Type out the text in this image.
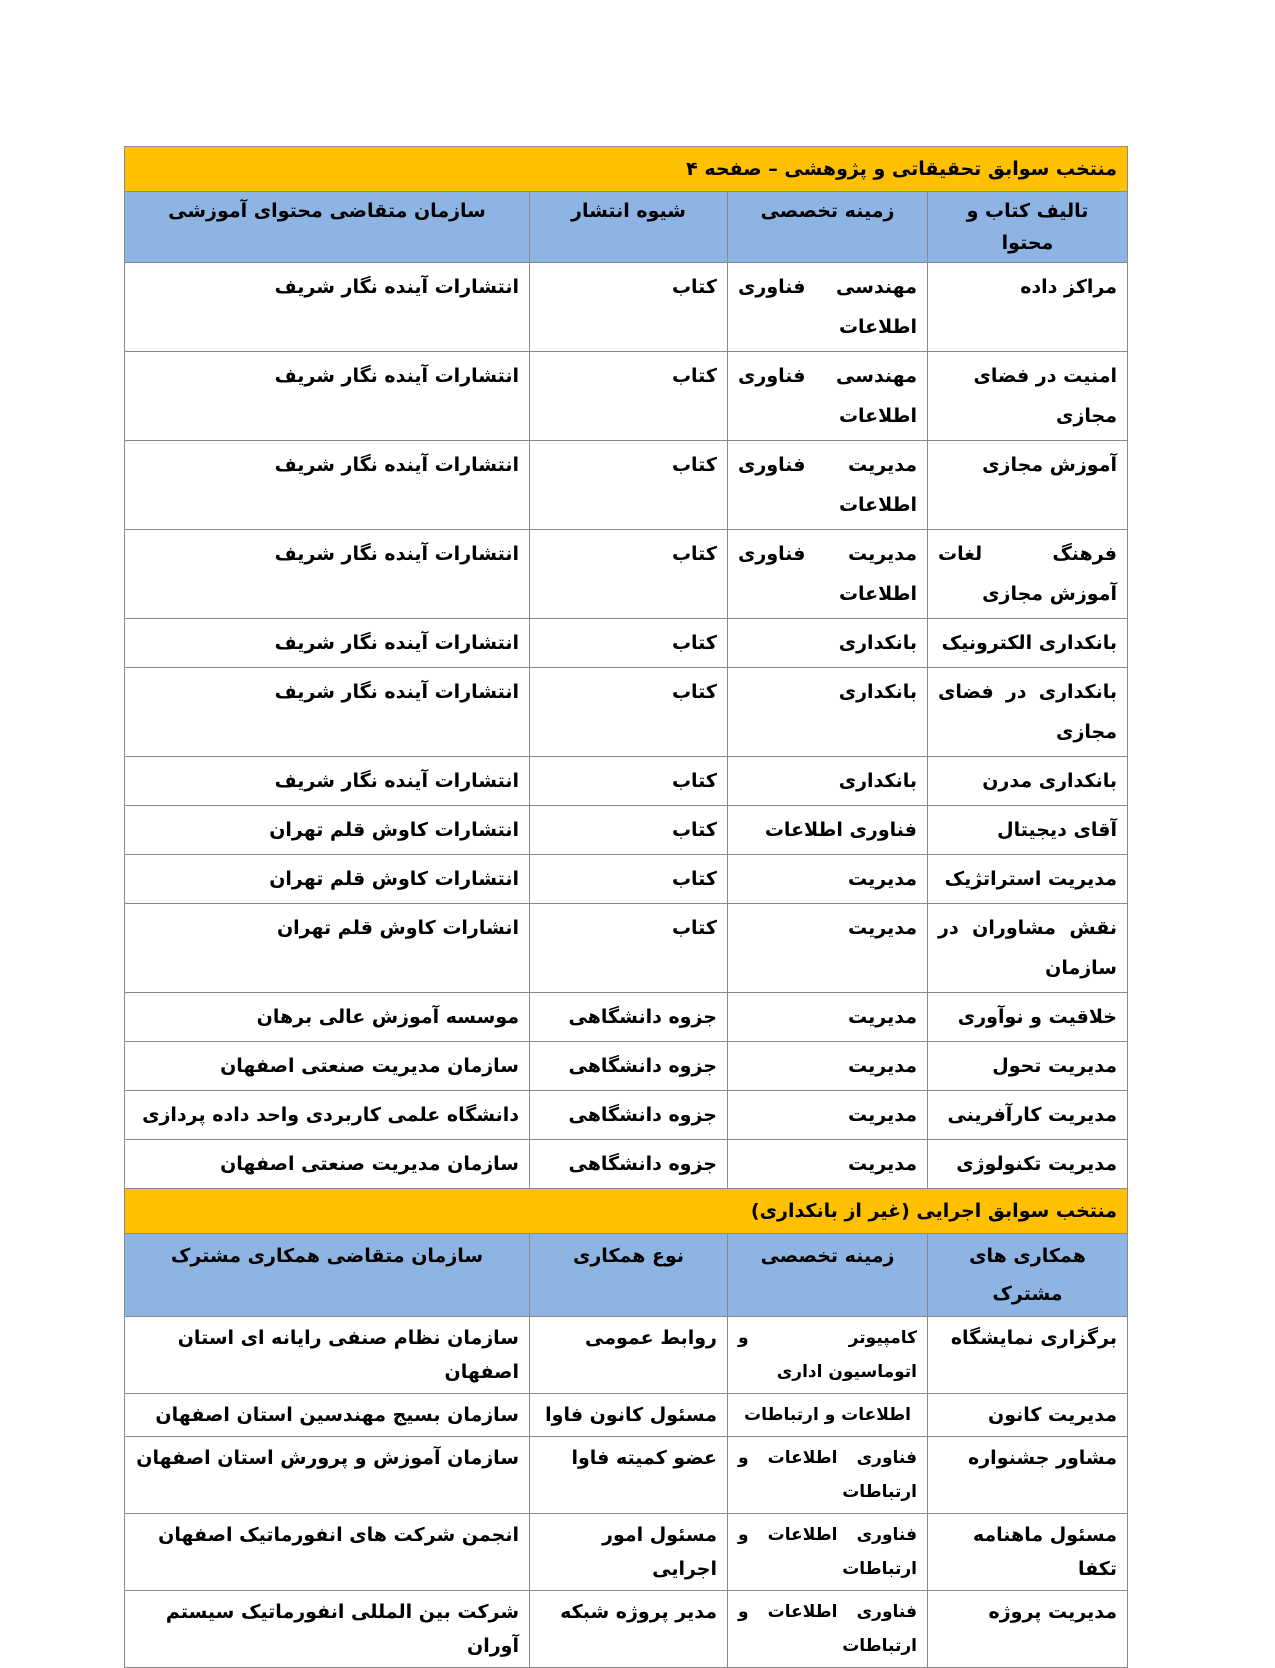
منتخب سوابق تحقیقاتی و پژوهشی – صفحه ۴			
تالیف کتاب و محتوا	زمینه تخصصی	شیوه انتشار	سازمان متقاضی محتوای آموزشی
مراکز داده	مهندسی فناوری اطلاعات	کتاب	انتشارات آینده نگار شریف
امنیت در فضای مجازی	مهندسی فناوری اطلاعات	کتاب	انتشارات آینده نگار شریف
آموزش مجازی	مدیریت فناوری اطلاعات	کتاب	انتشارات آینده نگار شریف
فرهنگ لغات آموزش مجازی	مدیریت فناوری اطلاعات	کتاب	انتشارات آینده نگار شریف
بانکداری الکترونیک	بانکداری	کتاب	انتشارات آینده نگار شریف
بانکداری در فضای مجازی	بانکداری	کتاب	انتشارات آینده نگار شریف
بانکداری مدرن	بانکداری	کتاب	انتشارات آینده نگار شریف
آقای دیجیتال	فناوری اطلاعات	کتاب	انتشارات کاوش قلم تهران
مدیریت استراتژیک	مدیریت	کتاب	انتشارات کاوش قلم تهران
نقش مشاوران در سازمان	مدیریت	کتاب	انشارات کاوش قلم تهران
خلاقیت و نوآوری	مدیریت	جزوه دانشگاهی	موسسه آموزش عالی برهان
مدیریت تحول	مدیریت	جزوه دانشگاهی	سازمان مدیریت صنعتی اصفهان
مدیریت کارآفرینی	مدیریت	جزوه دانشگاهی	دانشگاه علمی کاربردی واحد داده پردازی
مدیریت تکنولوژی	مدیریت	جزوه دانشگاهی	سازمان مدیریت صنعتی اصفهان
منتخب سوابق اجرایی (غیر از بانکداری)			
همکاری های مشترک	زمینه تخصصی	نوع همکاری	سازمان متقاضی همکاری مشترک
برگزاری نمایشگاه	کامپیوتر و اتوماسیون اداری	روابط عمومی	سازمان نظام صنفی رایانه ای استان اصفهان
مدیریت کانون	اطلاعات و ارتباطات	مسئول کانون فاوا	سازمان بسیج مهندسین استان اصفهان
مشاور جشنواره	فناوری اطلاعات و ارتباطات	عضو کمیته فاوا	سازمان آموزش و پرورش استان اصفهان
مسئول ماهنامه تکفا	فناوری اطلاعات و ارتباطات	مسئول امور اجرایی	انجمن شرکت های انفورماتیک اصفهان
مدیریت پروژه	فناوری اطلاعات و ارتباطات	مدیر پروژه شبکه	شرکت بین المللی انفورماتیک سیستم آوران
